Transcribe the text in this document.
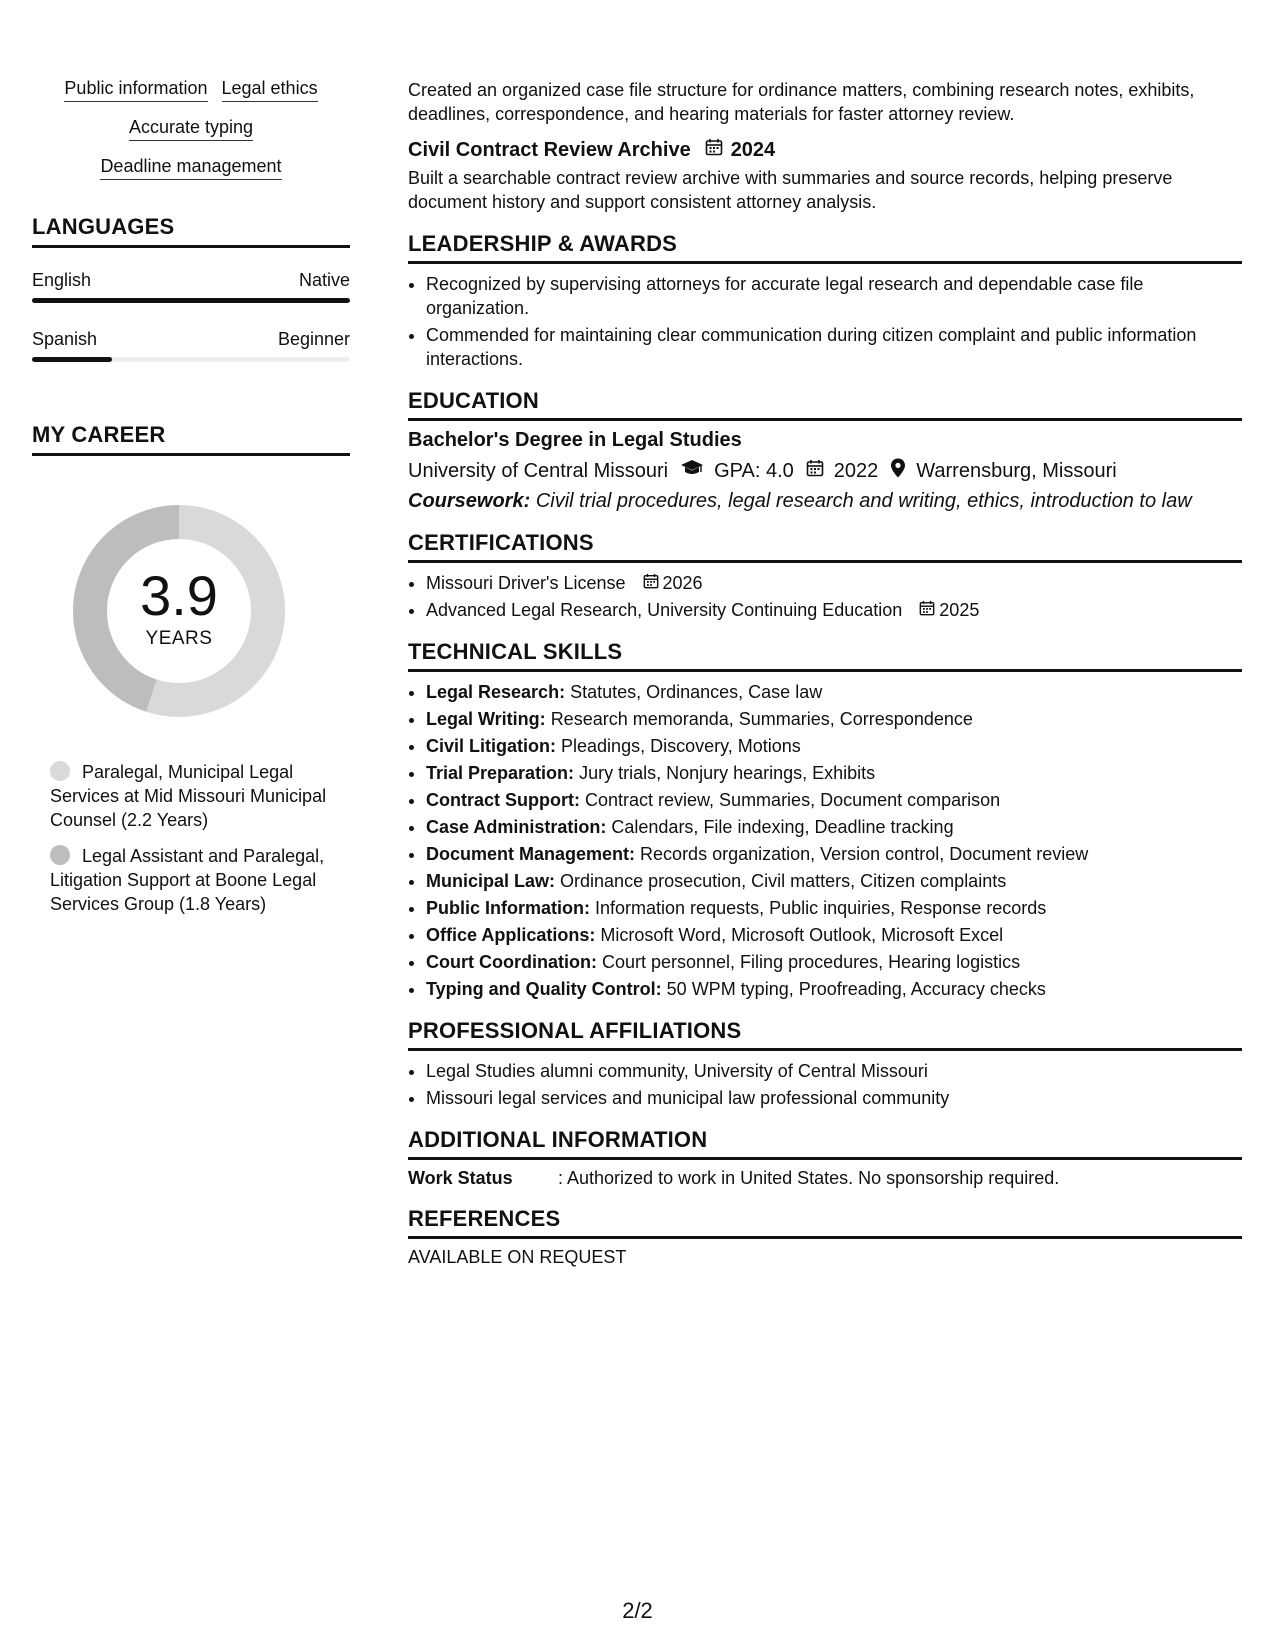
Public information Legal ethics
Accurate typing
Deadline management
LANGUAGES
English	Native
Spanish	Beginner
MY CAREER
3.9
YEARS
Paralegal, Municipal Legal Services at Mid Missouri Municipal Counsel (2.2 Years)
Legal Assistant and Paralegal, Litigation Support at Boone Legal Services Group (1.8 Years)

Created an organized case file structure for ordinance matters, combining research notes, exhibits, deadlines, correspondence, and hearing materials for faster attorney review.

Civil Contract Review Archive 2024

Built a searchable contract review archive with summaries and source records, helping preserve document history and support consistent attorney analysis.

LEADERSHIP & AWARDS
• Recognized by supervising attorneys for accurate legal research and dependable case file organization.
• Commended for maintaining clear communication during citizen complaint and public information interactions.
EDUCATION
Bachelor's Degree in Legal Studies
University of Central Missouri GPA: 4.0 2022 Warrensburg, Missouri
Coursework: Civil trial procedures, legal research and writing, ethics, introduction to law
CERTIFICATIONS
• Missouri Driver's License 2026
• Advanced Legal Research, University Continuing Education 2025
TECHNICAL SKILLS
• Legal Research: Statutes, Ordinances, Case law
• Legal Writing: Research memoranda, Summaries, Correspondence
• Civil Litigation: Pleadings, Discovery, Motions
• Trial Preparation: Jury trials, Nonjury hearings, Exhibits
• Contract Support: Contract review, Summaries, Document comparison
• Case Administration: Calendars, File indexing, Deadline tracking
• Document Management: Records organization, Version control, Document review
• Municipal Law: Ordinance prosecution, Civil matters, Citizen complaints
• Public Information: Information requests, Public inquiries, Response records
• Office Applications: Microsoft Word, Microsoft Outlook, Microsoft Excel
• Court Coordination: Court personnel, Filing procedures, Hearing logistics
• Typing and Quality Control: 50 WPM typing, Proofreading, Accuracy checks
PROFESSIONAL AFFILIATIONS
• Legal Studies alumni community, University of Central Missouri
• Missouri legal services and municipal law professional community
ADDITIONAL INFORMATION
Work Status	: Authorized to work in United States. No sponsorship required.
REFERENCES

AVAILABLE ON REQUEST

2/2
